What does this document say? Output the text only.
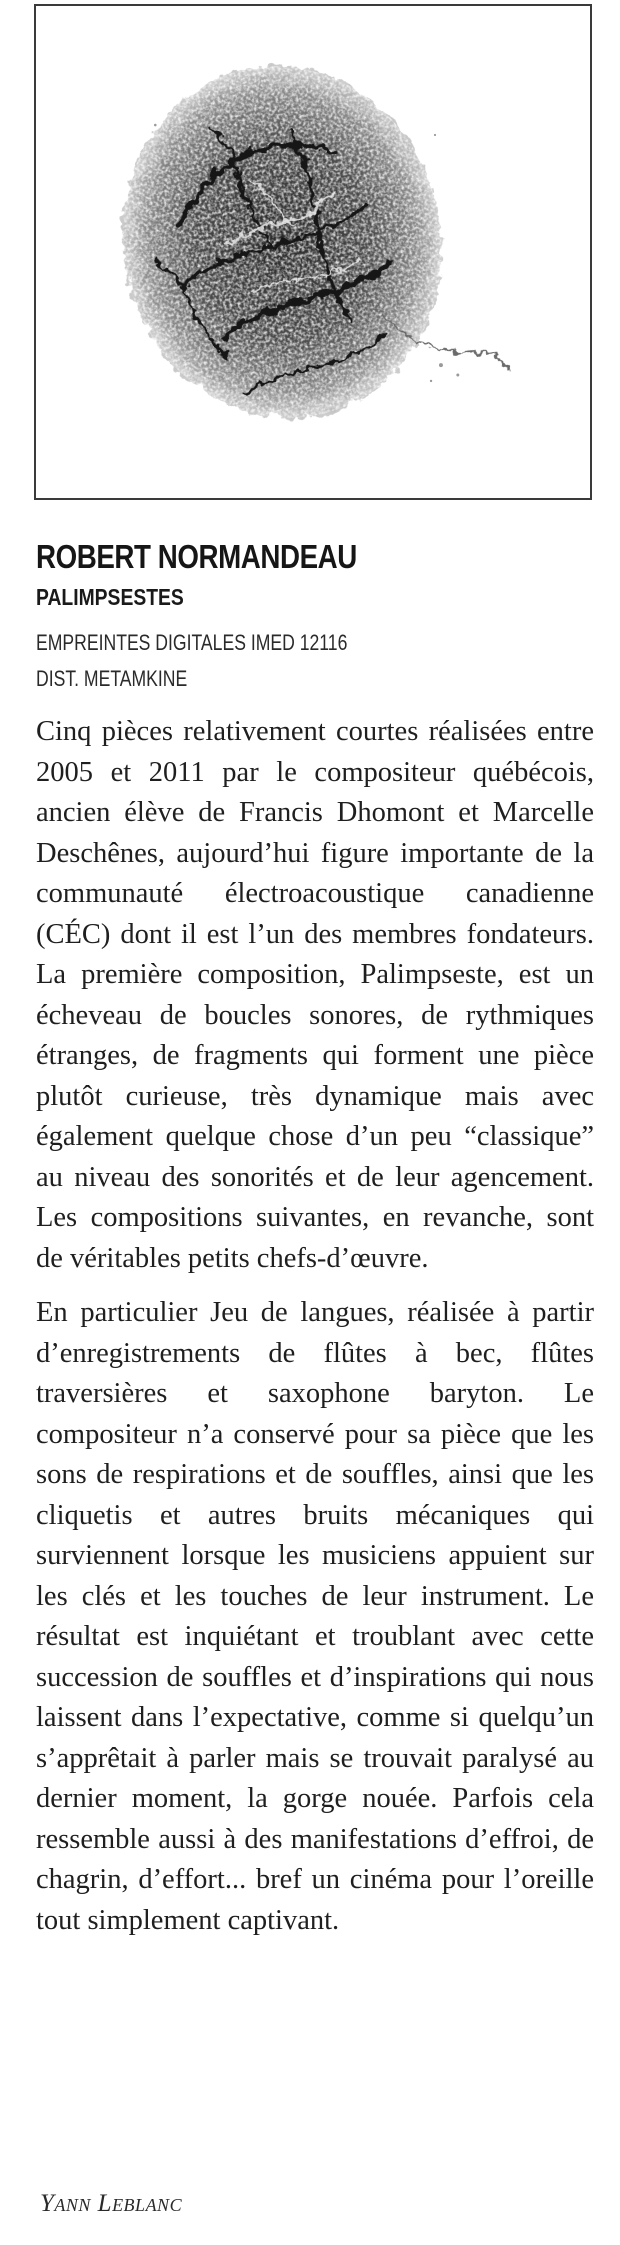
ROBERT NORMANDEAU
PALIMPSESTES
EMPREINTES DIGITALES IMED 12116
DIST. METAMKINE

Cinq pièces relativement courtes réalisées entre 2005 et 2011 par le compositeur québécois, ancien élève de Francis Dhomont et Marcelle Deschênes, aujourd’hui figure importante de la communauté électroacoustique canadienne (CÉC) dont il est l’un des membres fondateurs. La première composition, Palimpseste, est un écheveau de boucles sonores, de rythmiques étranges, de fragments qui forment une pièce plutôt curieuse, très dynamique mais avec également quelque chose d’un peu “classique” au niveau des sonorités et de leur agencement. Les compositions suivantes, en revanche, sont de véritables petits chefs-d’œuvre.

En particulier Jeu de langues, réalisée à partir d’enregistrements de flûtes à bec, flûtes traversières et saxophone baryton. Le compositeur n’a conservé pour sa pièce que les sons de respirations et de souffles, ainsi que les cliquetis et autres bruits mécaniques qui surviennent lorsque les musiciens appuient sur les clés et les touches de leur instrument. Le résultat est inquiétant et troublant avec cette succession de souffles et d’inspirations qui nous laissent dans l’expectative, comme si quelqu’un s’apprêtait à parler mais se trouvait paralysé au dernier moment, la gorge nouée. Parfois cela ressemble aussi à des manifestations d’effroi, de chagrin, d’effort... bref un cinéma pour l’oreille tout simplement captivant.

Yann Leblanc
